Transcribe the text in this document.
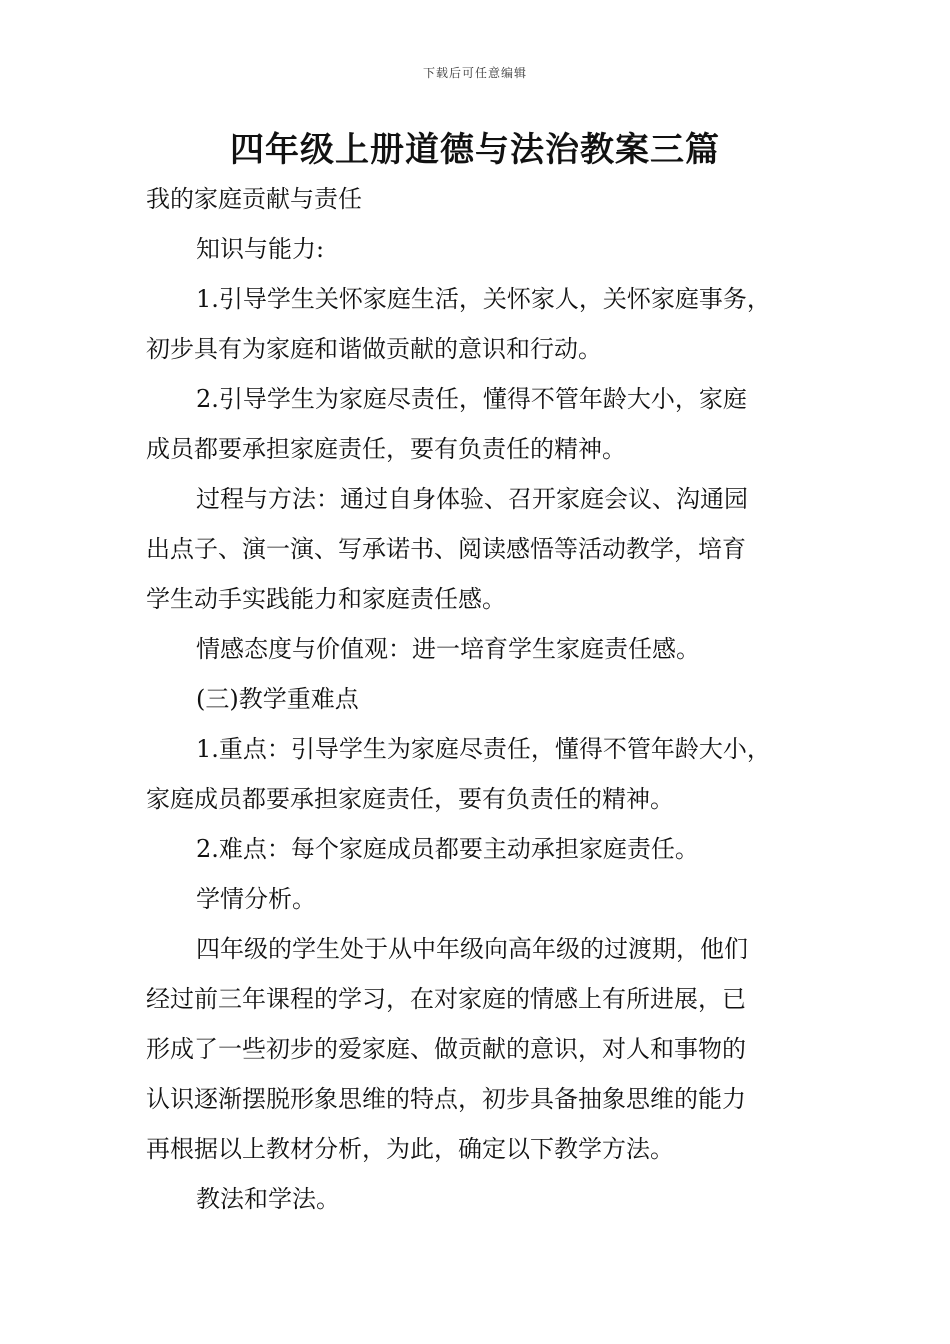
下载后可任意编辑
四年级上册道德与法治教案三篇
我的家庭贡献与责任
知识与能力:
1.引导学生关怀家庭生活，关怀家人，关怀家庭事务，
初步具有为家庭和谐做贡献的意识和行动。
2.引导学生为家庭尽责任，懂得不管年龄大小，家庭
成员都要承担家庭责任，要有负责任的精神。
过程与方法：通过自身体验、召开家庭会议、沟通园
出点子、演一演、写承诺书、阅读感悟等活动教学，培育
学生动手实践能力和家庭责任感。
情感态度与价值观：进一培育学生家庭责任感。
(三)教学重难点
1.重点：引导学生为家庭尽责任，懂得不管年龄大小，
家庭成员都要承担家庭责任，要有负责任的精神。
2.难点：每个家庭成员都要主动承担家庭责任。
学情分析。
四年级的学生处于从中年级向高年级的过渡期，他们
经过前三年课程的学习，在对家庭的情感上有所进展，已
形成了一些初步的爱家庭、做贡献的意识，对人和事物的
认识逐渐摆脱形象思维的特点，初步具备抽象思维的能力
再根据以上教材分析，为此，确定以下教学方法。
教法和学法。
